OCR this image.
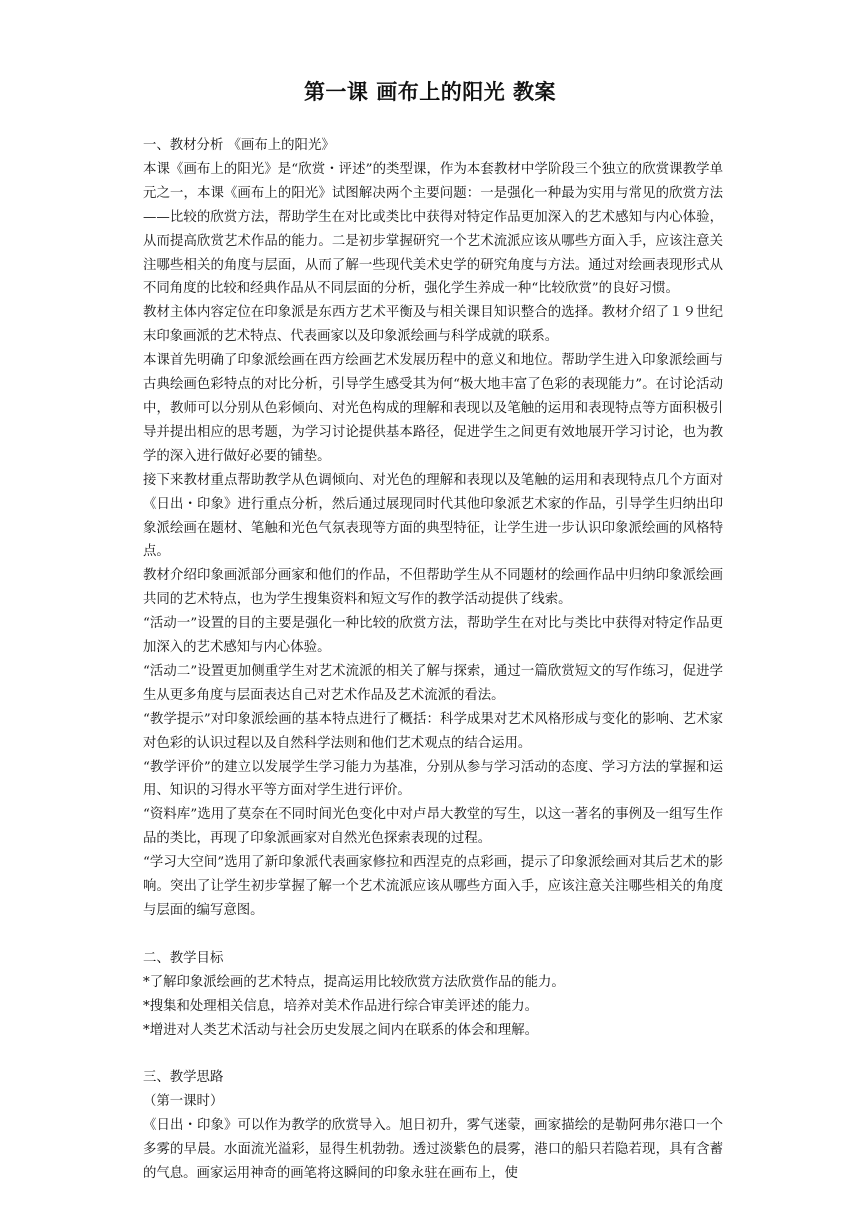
第一课 画布上的阳光 教案

一、教材分析 《画布上的阳光》

本课《画布上的阳光》是“欣赏・评述”的类型课，作为本套教材中学阶段三个独立的欣赏课教学单元之一，本课《画布上的阳光》试图解决两个主要问题：一是强化一种最为实用与常见的欣赏方法——比较的欣赏方法，帮助学生在对比或类比中获得对特定作品更加深入的艺术感知与内心体验，从而提高欣赏艺术作品的能力。二是初步掌握研究一个艺术流派应该从哪些方面入手，应该注意关注哪些相关的角度与层面，从而了解一些现代美术史学的研究角度与方法。通过对绘画表现形式从不同角度的比较和经典作品从不同层面的分析，强化学生养成一种“比较欣赏”的良好习惯。

教材主体内容定位在印象派是东西方艺术平衡及与相关课目知识整合的选择。教材介绍了１９世纪末印象画派的艺术特点、代表画家以及印象派绘画与科学成就的联系。

本课首先明确了印象派绘画在西方绘画艺术发展历程中的意义和地位。帮助学生进入印象派绘画与古典绘画色彩特点的对比分析，引导学生感受其为何“极大地丰富了色彩的表现能力”。在讨论活动中，教师可以分别从色彩倾向、对光色构成的理解和表现以及笔触的运用和表现特点等方面积极引导并提出相应的思考题，为学习讨论提供基本路径，促进学生之间更有效地展开学习讨论，也为教学的深入进行做好必要的铺垫。

接下来教材重点帮助教学从色调倾向、对光色的理解和表现以及笔触的运用和表现特点几个方面对《日出・印象》进行重点分析，然后通过展现同时代其他印象派艺术家的作品，引导学生归纳出印象派绘画在题材、笔触和光色气氛表现等方面的典型特征，让学生进一步认识印象派绘画的风格特点。

教材介绍印象画派部分画家和他们的作品，不但帮助学生从不同题材的绘画作品中归纳印象派绘画共同的艺术特点，也为学生搜集资料和短文写作的教学活动提供了线索。

“活动一”设置的目的主要是强化一种比较的欣赏方法，帮助学生在对比与类比中获得对特定作品更加深入的艺术感知与内心体验。

“活动二”设置更加侧重学生对艺术流派的相关了解与探索，通过一篇欣赏短文的写作练习，促进学生从更多角度与层面表达自己对艺术作品及艺术流派的看法。

“教学提示”对印象派绘画的基本特点进行了概括：科学成果对艺术风格形成与变化的影响、艺术家对色彩的认识过程以及自然科学法则和他们艺术观点的结合运用。

“教学评价”的建立以发展学生学习能力为基准，分别从参与学习活动的态度、学习方法的掌握和运用、知识的习得水平等方面对学生进行评价。

“资料库”选用了莫奈在不同时间光色变化中对卢昂大教堂的写生，以这一著名的事例及一组写生作品的类比，再现了印象派画家对自然光色探索表现的过程。

“学习大空间”选用了新印象派代表画家修拉和西涅克的点彩画，提示了印象派绘画对其后艺术的影响。突出了让学生初步掌握了解一个艺术流派应该从哪些方面入手，应该注意关注哪些相关的角度与层面的编写意图。

二、教学目标

*了解印象派绘画的艺术特点，提高运用比较欣赏方法欣赏作品的能力。

*搜集和处理相关信息，培养对美术作品进行综合审美评述的能力。

*增进对人类艺术活动与社会历史发展之间内在联系的体会和理解。

三、教学思路

（第一课时）

《日出・印象》可以作为教学的欣赏导入。旭日初升，雾气迷蒙，画家描绘的是勒阿弗尔港口一个多雾的早晨。水面流光溢彩，显得生机勃勃。透过淡紫色的晨雾，港口的船只若隐若现，具有含蓄的气息。画家运用神奇的画笔将这瞬间的印象永驻在画布上，使
